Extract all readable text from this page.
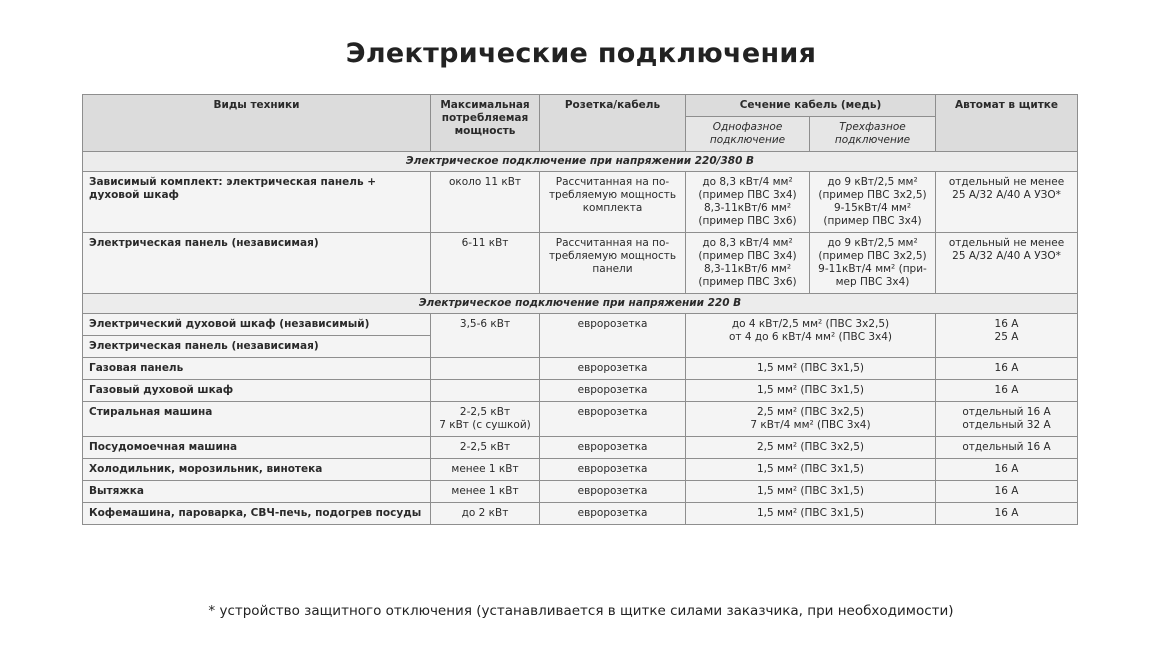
Электрические подключения
Виды техники	Максимальная потребляемая мощность	Розетка/кабель	Сечение кабель (медь)		Автомат в щитке
			Однофазное подключение	Трехфазное подключение	
Электрическое подключение при напряжении 220/380 В					
Зависимый комплект: электрическая панель + духовой шкаф	около 11 кВт	Рассчитанная на по-
требляемую мощность
комплекта	до 8,3 кВт/4 мм²
(пример ПВС 3х4)
8,3-11кВт/6 мм²
(пример ПВС 3х6)	до 9 кВт/2,5 мм²
(пример ПВС 3х2,5)
9-15кВт/4 мм²
(пример ПВС 3х4)	отдельный не менее
25 А/32 А/40 А УЗО*
Электрическая панель (независимая)	6-11 кВт	Рассчитанная на по-
требляемую мощность
панели	до 8,3 кВт/4 мм²
(пример ПВС 3х4)
8,3-11кВт/6 мм²
(пример ПВС 3х6)	до 9 кВт/2,5 мм²
(пример ПВС 3х2,5)
9-11кВт/4 мм² (при-
мер ПВС 3х4)	отдельный не менее
25 А/32 А/40 А УЗО*
Электрическое подключение при напряжении 220 В					
Электрический духовой шкаф (независимый)	3,5-6 кВт	евророзетка	до 4 кВт/2,5 мм² (ПВС 3х2,5)
от 4 до 6 кВт/4 мм² (ПВС 3х4)		16 А
25 А
Электрическая панель (независимая)					
Газовая панель		евророзетка	1,5 мм² (ПВС 3х1,5)		16 А
Газовый духовой шкаф		евророзетка	1,5 мм² (ПВС 3х1,5)		16 А
Стиральная машина	2-2,5 кВт
7 кВт (с сушкой)	евророзетка	2,5 мм² (ПВС 3х2,5)
7 кВт/4 мм² (ПВС 3х4)		отдельный 16 А
отдельный 32 А
Посудомоечная машина	2-2,5 кВт	евророзетка	2,5 мм² (ПВС 3х2,5)		отдельный 16 А
Холодильник, морозильник, винотека	менее 1 кВт	евророзетка	1,5 мм² (ПВС 3х1,5)		16 А
Вытяжка	менее 1 кВт	евророзетка	1,5 мм² (ПВС 3х1,5)		16 А
Кофемашина, пароварка, СВЧ-печь, подогрев посуды	до 2 кВт	евророзетка	1,5 мм² (ПВС 3х1,5)		16 А
* устройство защитного отключения (устанавливается в щитке силами заказчика, при необходимости)
